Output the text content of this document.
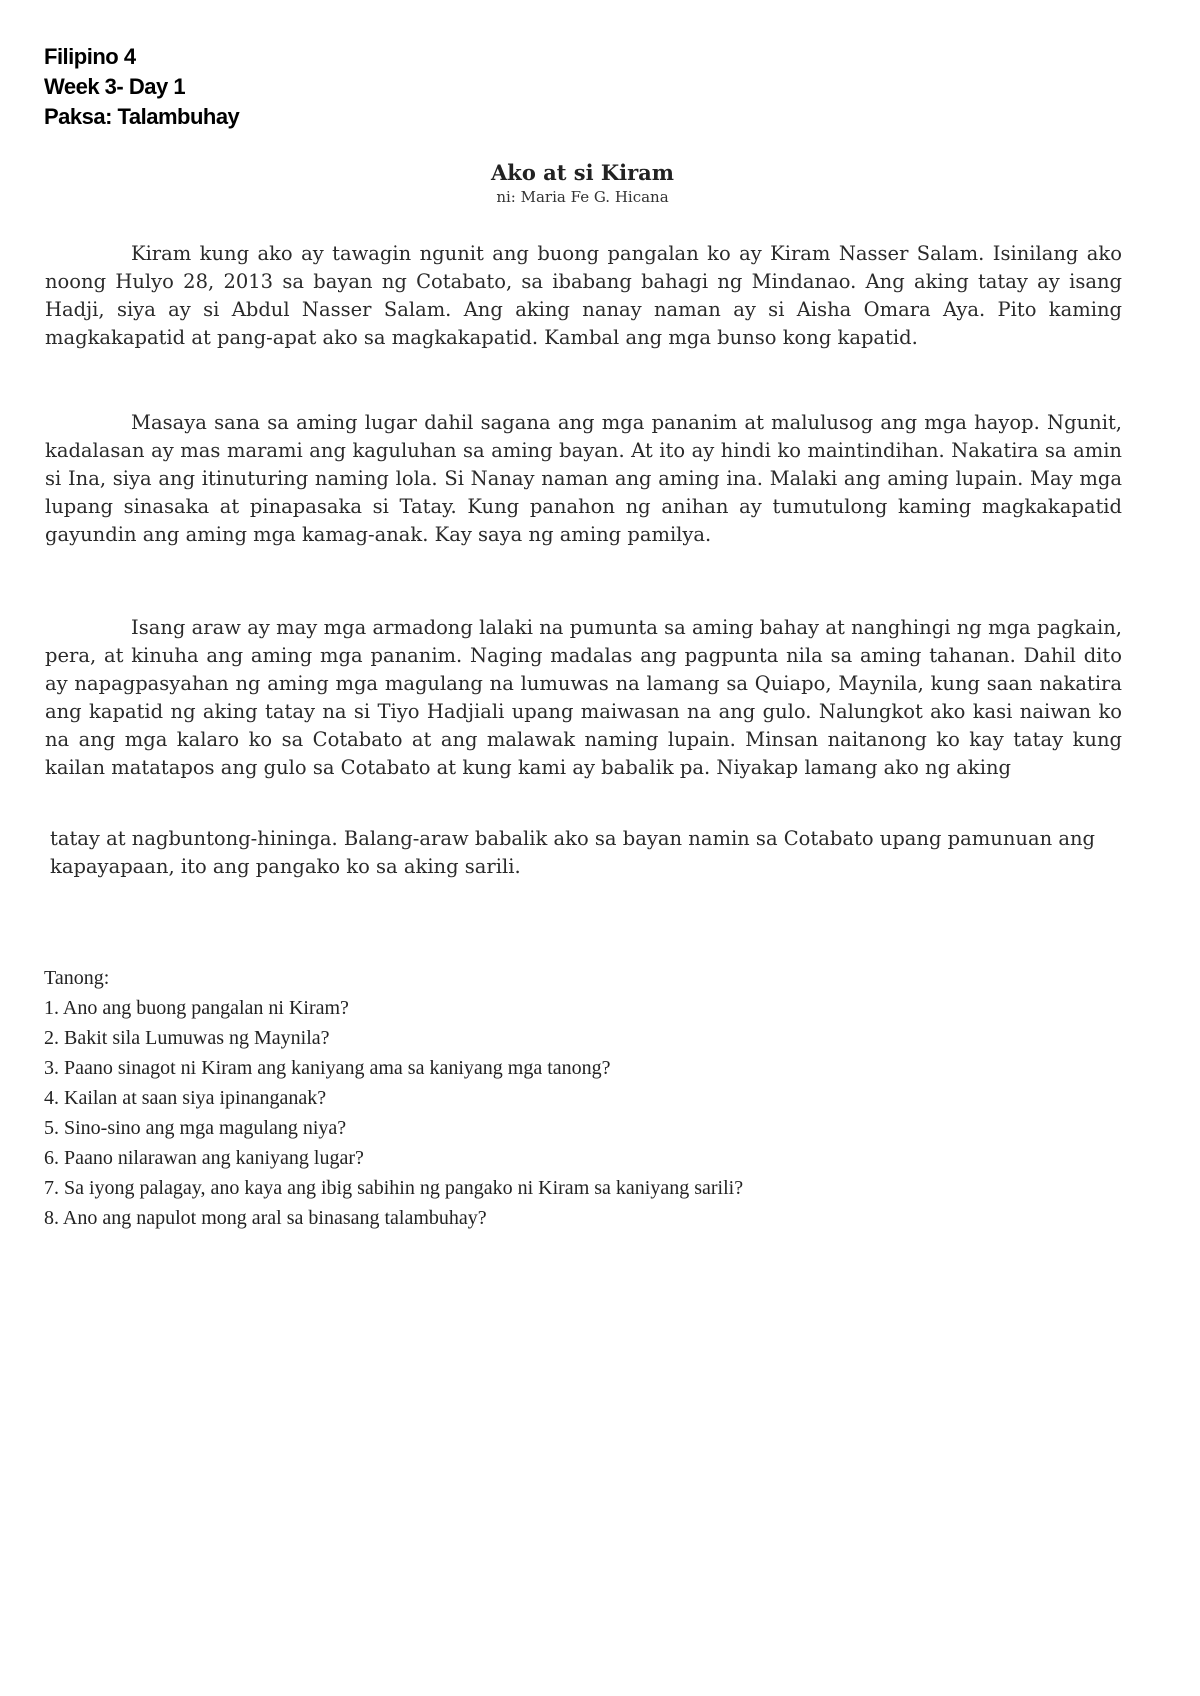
Filipino 4
Week 3- Day 1
Paksa: Talambuhay
Ako at si Kiram
ni: Maria Fe G. Hicana
Kiram kung ako ay tawagin ngunit ang buong pangalan ko ay Kiram Nasser Salam. Isinilang ako noong Hulyo 28, 2013 sa bayan ng Cotabato, sa ibabang bahagi ng Mindanao. Ang aking tatay ay isang Hadji, siya ay si Abdul Nasser Salam. Ang aking nanay naman ay si Aisha Omara Aya. Pito kaming magkakapatid at pang-apat ako sa magkakapatid. Kambal ang mga bunso kong kapatid.
Masaya sana sa aming lugar dahil sagana ang mga pananim at malulusog ang mga hayop. Ngunit, kadalasan ay mas marami ang kaguluhan sa aming bayan. At ito ay hindi ko maintindihan. Nakatira sa amin si Ina, siya ang itinuturing naming lola. Si Nanay naman ang aming ina. Malaki ang aming lupain. May mga lupang sinasaka at pinapasaka si Tatay. Kung panahon ng anihan ay tumutulong kaming magkakapatid gayundin ang aming mga kamag-anak. Kay saya ng aming pamilya.
Isang araw ay may mga armadong lalaki na pumunta sa aming bahay at nanghingi ng mga pagkain, pera, at kinuha ang aming mga pananim. Naging madalas ang pagpunta nila sa aming tahanan. Dahil dito ay napagpasyahan ng aming mga magulang na lumuwas na lamang sa Quiapo, Maynila, kung saan nakatira ang kapatid ng aking tatay na si Tiyo Hadjiali upang maiwasan na ang gulo. Nalungkot ako kasi naiwan ko na ang mga kalaro ko sa Cotabato at ang malawak naming lupain. Minsan naitanong ko kay tatay kung kailan matatapos ang gulo sa Cotabato at kung kami ay babalik pa. Niyakap lamang ako ng aking
tatay at nagbuntong-hininga. Balang-araw babalik ako sa bayan namin sa Cotabato upang pamunuan ang kapayapaan, ito ang pangako ko sa aking sarili.
Tanong:
1. Ano ang buong pangalan ni Kiram?
2. Bakit sila Lumuwas ng Maynila?
3. Paano sinagot ni Kiram ang kaniyang ama sa kaniyang mga tanong?
4. Kailan at saan siya ipinanganak?
5. Sino-sino ang mga magulang niya?
6. Paano nilarawan ang kaniyang lugar?
7. Sa iyong palagay, ano kaya ang ibig sabihin ng pangako ni Kiram sa kaniyang sarili?
8. Ano ang napulot mong aral sa binasang talambuhay?
